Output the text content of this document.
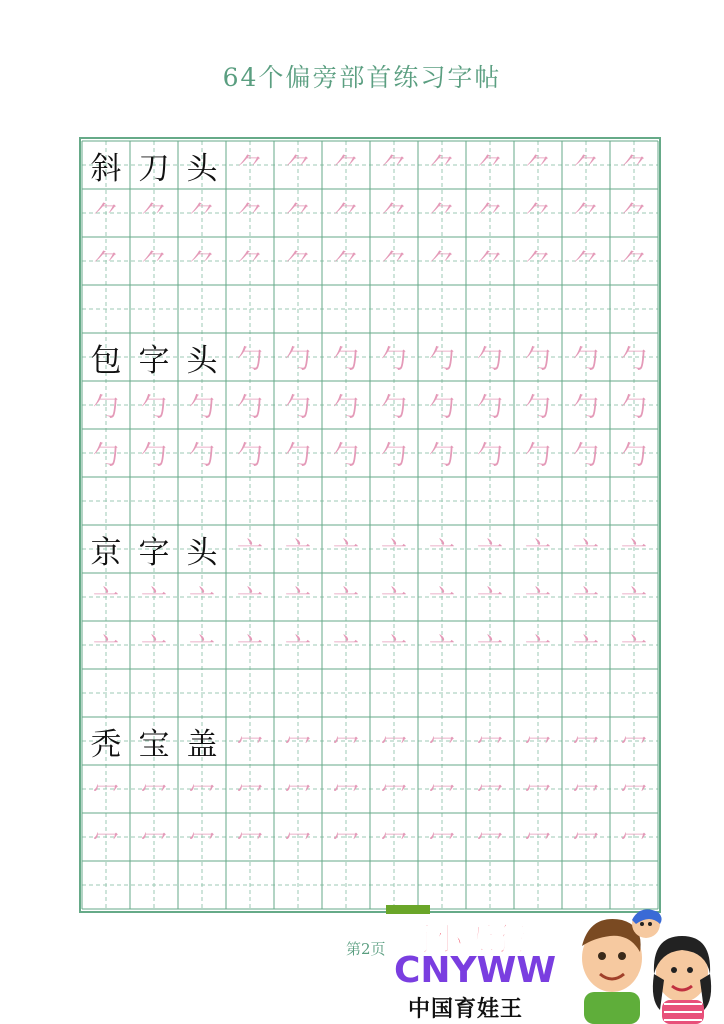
64个偏旁部首练习字帖
斜 刀 头 ⺈ ⺈ ⺈ ⺈ ⺈ ⺈ ⺈ ⺈ ⺈
⺈ ⺈ ⺈ ⺈ ⺈ ⺈ ⺈ ⺈ ⺈ ⺈ ⺈ ⺈
⺈ ⺈ ⺈ ⺈ ⺈ ⺈ ⺈ ⺈ ⺈ ⺈ ⺈ ⺈
包 字 头 勹 勹 勹 勹 勹 勹 勹 勹 勹
勹 勹 勹 勹 勹 勹 勹 勹 勹 勹 勹 勹
勹 勹 勹 勹 勹 勹 勹 勹 勹 勹 勹 勹
京 字 头 亠 亠 亠 亠 亠 亠 亠 亠 亠
亠 亠 亠 亠 亠 亠 亠 亠 亠 亠 亠 亠
亠 亠 亠 亠 亠 亠 亠 亠 亠 亠 亠 亠
秃 宝 盖 冖 冖 冖 冖 冖 冖 冖 冖 冖
冖 冖 冖 冖 冖 冖 冖 冖 冖 冖 冖 冖
冖 冖 冖 冖 冖 冖 冖 冖 冖 冖 冖 冖
第2页 两小无猜
CNYWW
中国育娃王
